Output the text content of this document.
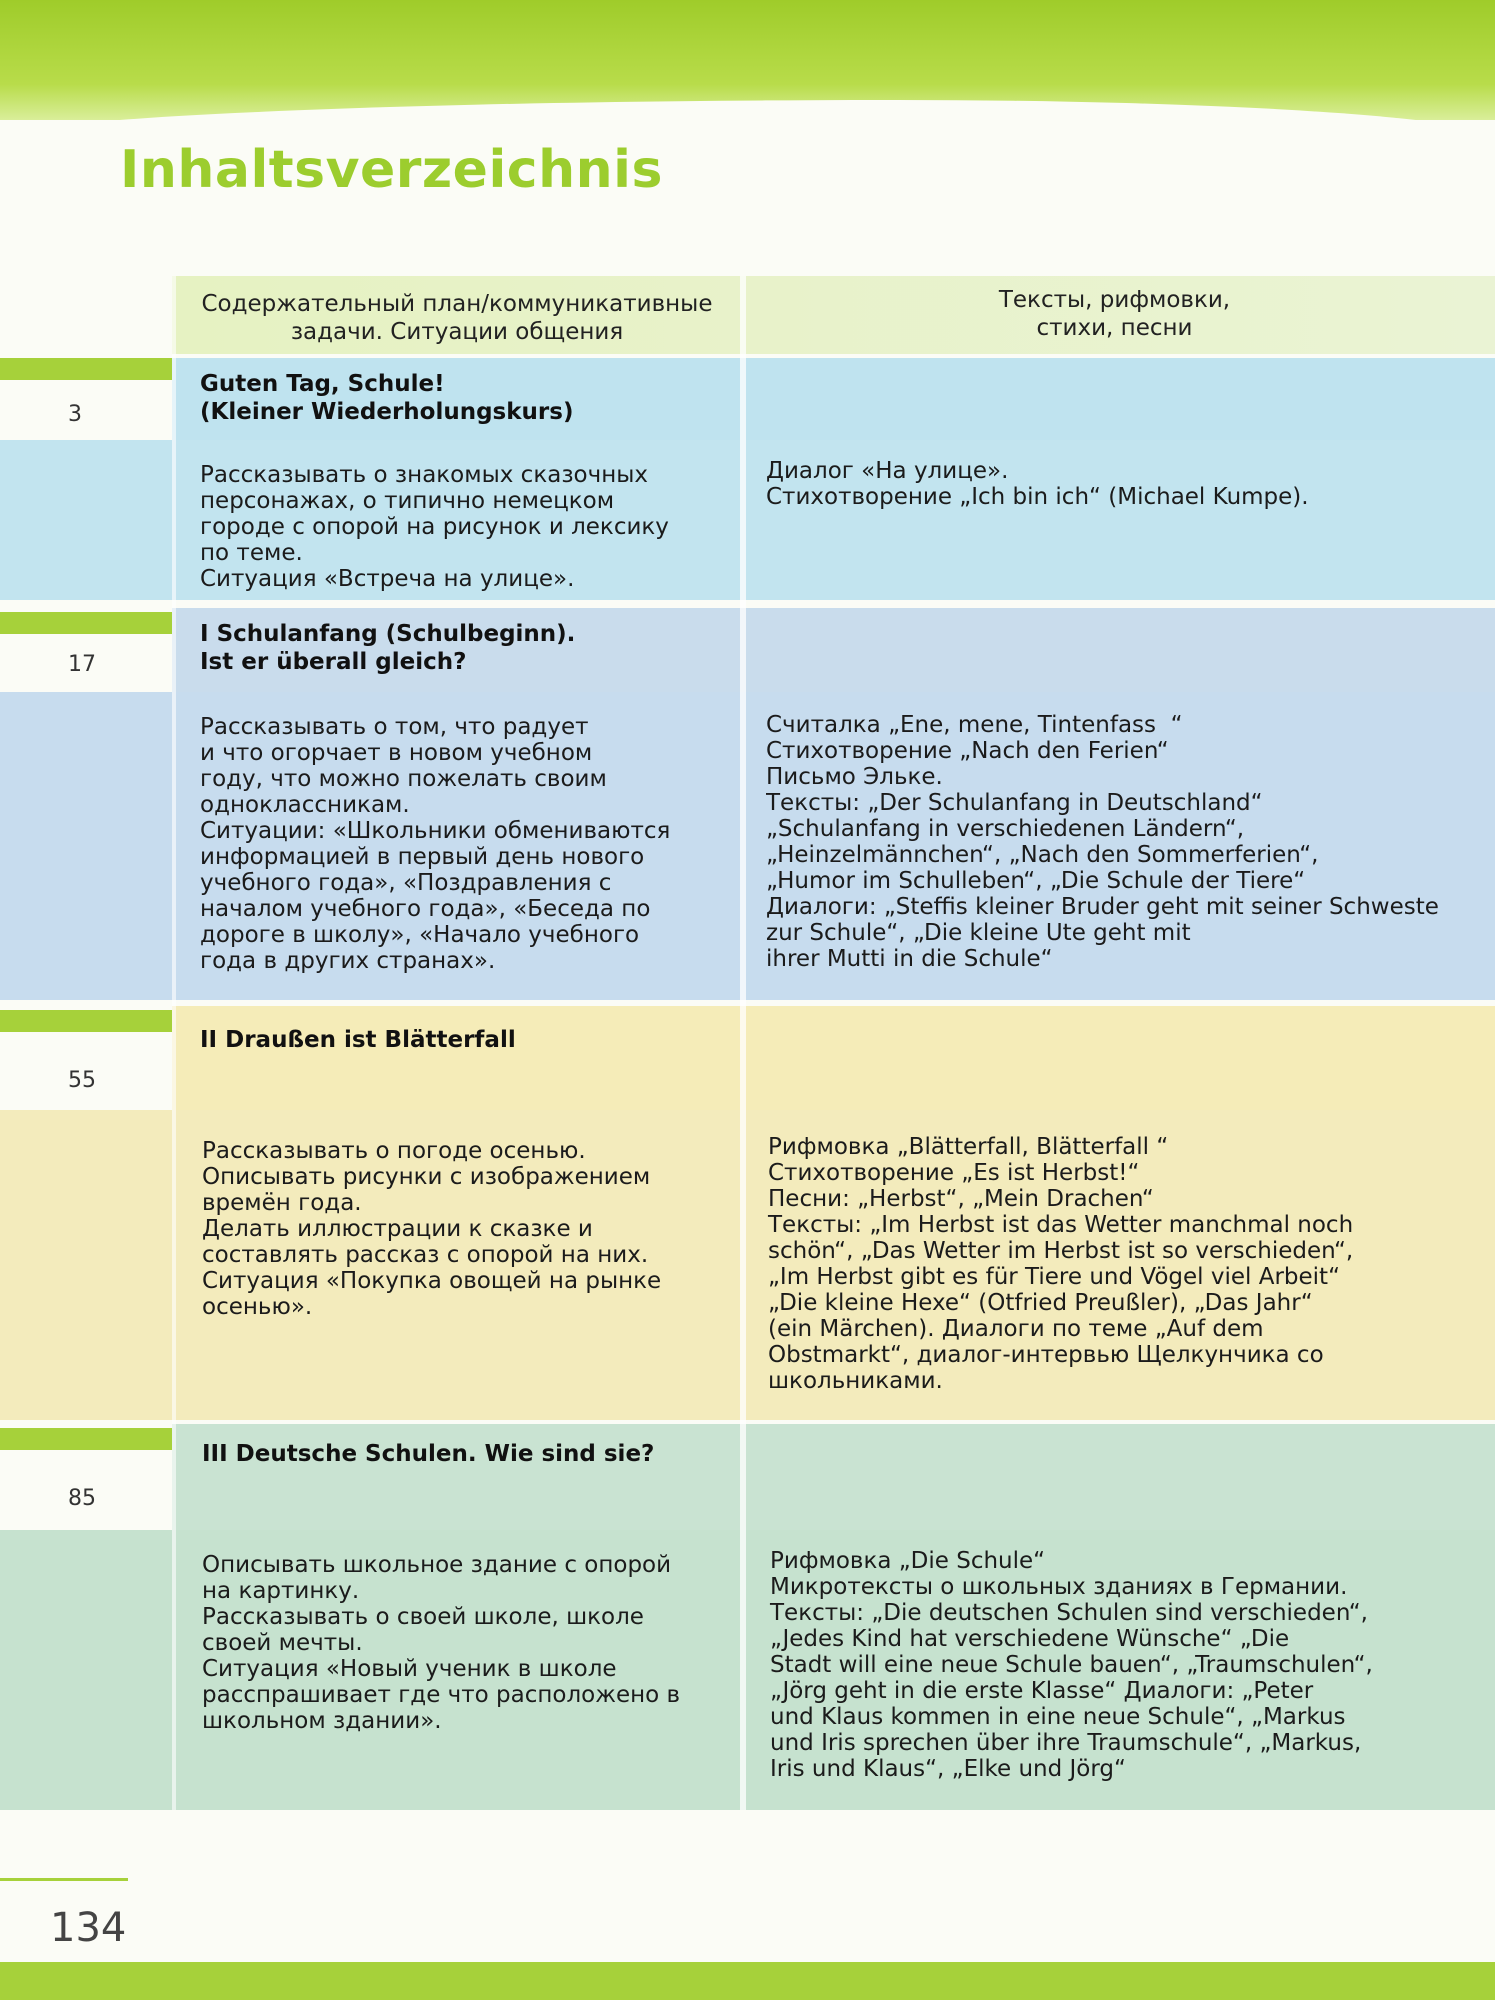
Inhaltsverzeichnis
Содержательный план/коммуникативные
задачи. Ситуации общения
Тексты, рифмовки,
стихи, песни
3
Guten Tag, Schule!
(Kleiner Wiederholungskurs)
Рассказывать о знакомых сказочных
персонажах, о типично немецком
городе с опорой на рисунок и лексику
по теме.
Ситуация «Встреча на улице».
Диалог «На улице».
Стихотворение „Ich bin ich“ (Michael Kumpe).
17
I Schulanfang (Schulbeginn).
Ist er überall gleich?
Рассказывать о том, что радует
и что огорчает в новом учебном
году, что можно пожелать своим
одноклассникам.
Ситуации: «Школьники обмениваются
информацией в первый день нового
учебного года», «Поздравления с
началом учебного года», «Беседа по
дороге в школу», «Начало учебного
года в других странах».
Считалка „Ene, mene, Tintenfass  “
Стихотворение „Nach den Ferien“
Письмо Эльке.
Тексты: „Der Schulanfang in Deutschland“
„Schulanfang in verschiedenen Ländern“,
„Heinzelmännchen“, „Nach den Sommerferien“,
„Humor im Schulleben“, „Die Schule der Tiere“
Диалоги: „Steffis kleiner Bruder geht mit seiner Schweste
zur Schule“, „Die kleine Ute geht mit
ihrer Mutti in die Schule“
55
II Draußen ist Blätterfall
Рассказывать о погоде осенью.
Описывать рисунки с изображением
времён года.
Делать иллюстрации к сказке и
составлять рассказ с опорой на них.
Ситуация «Покупка овощей на рынке
осенью».
Рифмовка „Blätterfall, Blätterfall “
Стихотворение „Es ist Herbst!“
Песни: „Herbst“, „Mein Drachen“
Тексты: „Im Herbst ist das Wetter manchmal noch
schön“, „Das Wetter im Herbst ist so verschieden“,
„Im Herbst gibt es für Tiere und Vögel viel Arbeit“
„Die kleine Hexe“ (Otfried Preußler), „Das Jahr“
(ein Märchen). Диалоги по теме „Auf dem
Obstmarkt“, диалог-интервью Щелкунчика со
школьниками.
85
III Deutsche Schulen. Wie sind sie?
Описывать школьное здание с опорой
на картинку.
Рассказывать о своей школе, школе
своей мечты.
Ситуация «Новый ученик в школе
расспрашивает где что расположено в
школьном здании».
Рифмовка „Die Schule“
Микротексты о школьных зданиях в Германии.
Тексты: „Die deutschen Schulen sind verschieden“,
„Jedes Kind hat verschiedene Wünsche“ „Die
Stadt will eine neue Schule bauen“, „Traumschulen“,
„Jörg geht in die erste Klasse“ Диалоги: „Peter
und Klaus kommen in eine neue Schule“, „Markus
und Iris sprechen über ihre Traumschule“, „Markus,
Iris und Klaus“, „Elke und Jörg“
134
